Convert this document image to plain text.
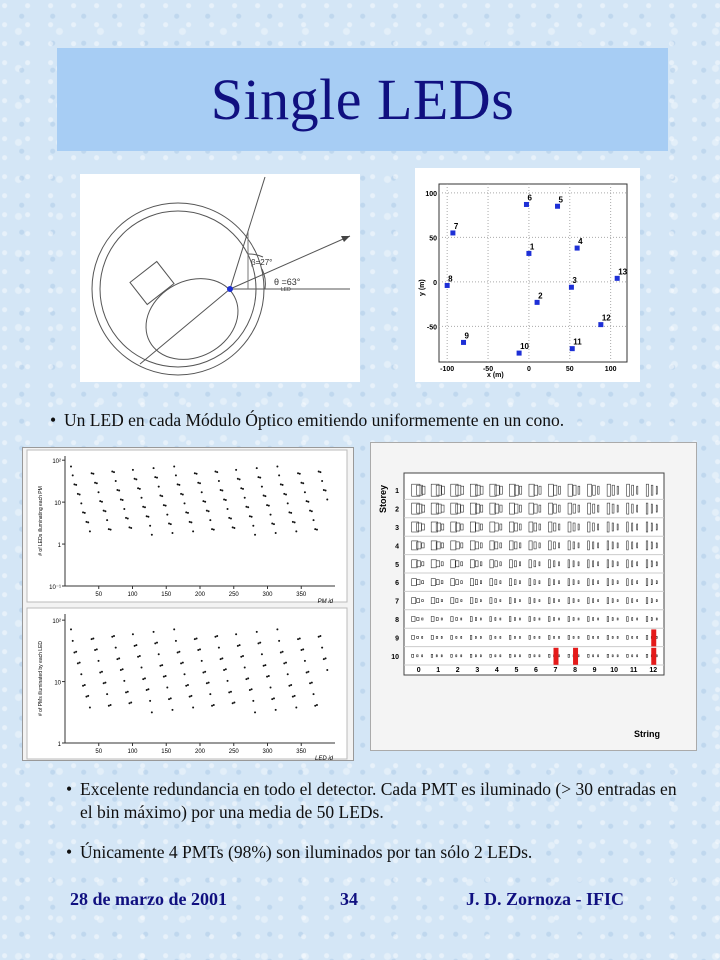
Single LEDs
β=27°
θ =63°
LED
-100	-50	0	50	100
100
50
0
-50
x (m)
y (m)
1
2
3
4
5
6
7
8
9
10	11
12
13
• Un LED en cada Módulo Óptico emitiendo uniformemente en un cono.
10²
10
1
10⁻¹
50	100	150	200	250	300	350
PM id
# of LEDs illuminating each PM
10²
10
1
50	100	150	200	250	300	350
LED id
# of PMs illuminated by each LED
1
2
3
4
5
6
7
8
9
10
0 1 2 3 4 5 6 7 8 9 10 11 12
String
Storey
• Excelente redundancia en todo el detector. Cada PMT es iluminado (> 30 entradas en el bin máximo) por una media de 50 LEDs.
• Únicamente 4 PMTs (98%) son iluminados por tan sólo 2 LEDs.
28 de marzo de 2001	34	J. D. Zornoza - IFIC
